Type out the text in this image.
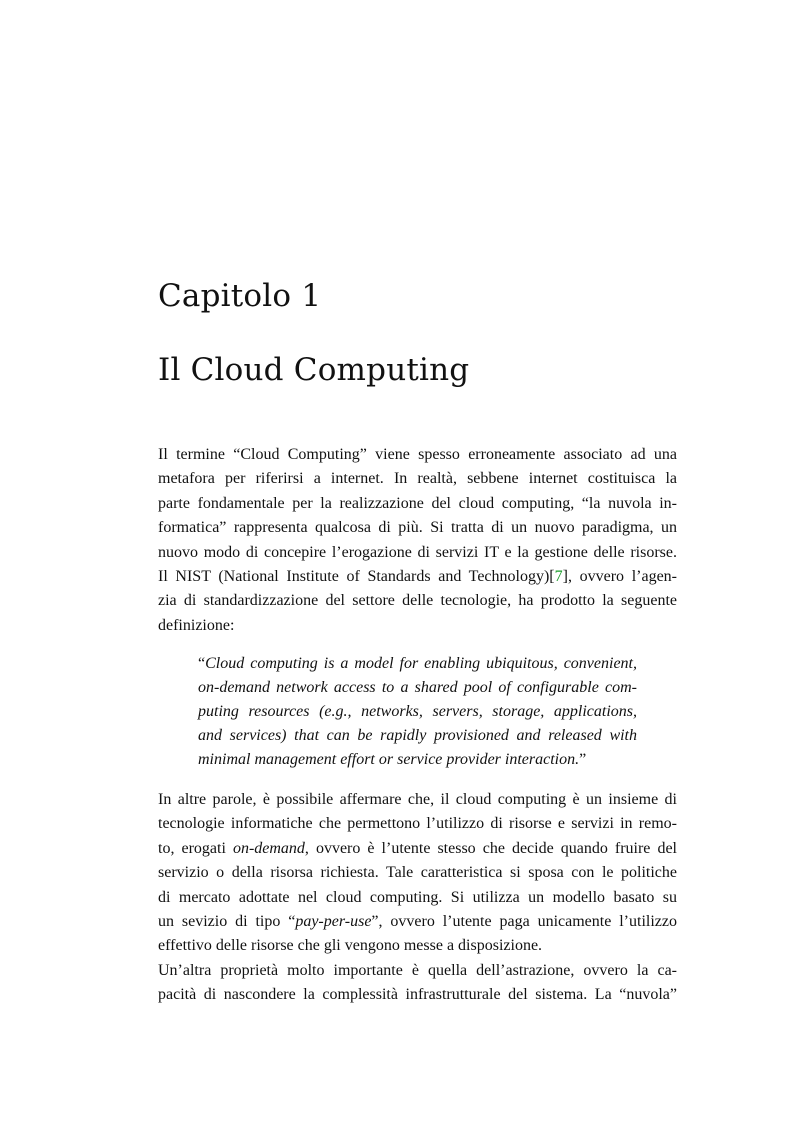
Capitolo 1
Il Cloud Computing
Il termine “Cloud Computing” viene spesso erroneamente associato ad una
metafora per riferirsi a internet. In realtà, sebbene internet costituisca la
parte fondamentale per la realizzazione del cloud computing, “la nuvola in-
formatica” rappresenta qualcosa di più. Si tratta di un nuovo paradigma, un
nuovo modo di concepire l’erogazione di servizi IT e la gestione delle risorse.
Il NIST (National Institute of Standards and Technology)[7], ovvero l’agen-
zia di standardizzazione del settore delle tecnologie, ha prodotto la seguente
definizione:
“Cloud computing is a model for enabling ubiquitous, convenient,
on-demand network access to a shared pool of configurable com-
puting resources (e.g., networks, servers, storage, applications,
and services) that can be rapidly provisioned and released with
minimal management effort or service provider interaction.”
In altre parole, è possibile affermare che, il cloud computing è un insieme di
tecnologie informatiche che permettono l’utilizzo di risorse e servizi in remo-
to, erogati on-demand, ovvero è l’utente stesso che decide quando fruire del
servizio o della risorsa richiesta. Tale caratteristica si sposa con le politiche
di mercato adottate nel cloud computing. Si utilizza un modello basato su
un sevizio di tipo “pay-per-use”, ovvero l’utente paga unicamente l’utilizzo
effettivo delle risorse che gli vengono messe a disposizione.
Un’altra proprietà molto importante è quella dell’astrazione, ovvero la ca-
pacità di nascondere la complessità infrastrutturale del sistema. La “nuvola”
